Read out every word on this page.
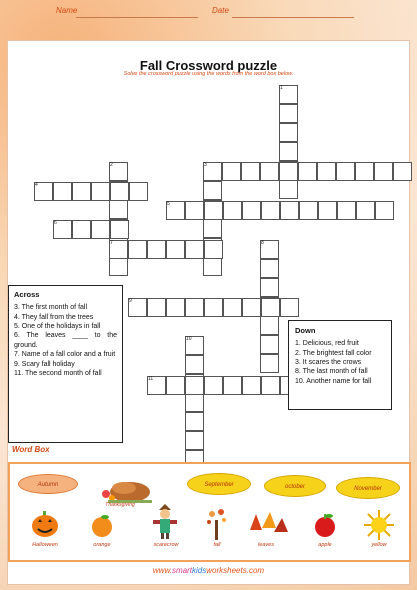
Name	Date
Fall Crossword puzzle
Solve the crossword puzzle using the words from the word box below.
1
2	3
4
5
6
7	8
9
10
11
Across

3. The first month of fall

4. They fall from the trees

5. One of the holidays in fall

6. The leaves ____ to the ground.

7. Name of a fall color and a fruit

9. Scary fall holiday

11. The second month of fall

Down

1. Delicious, red fruit

2. The brightest fall color

3. It scares the crows

8. The last month of fall

10. Another name for fall

Word Box
Autumn
Thanksgiving
September	october	November
Halloween	orange	scarecrow	fall	leaves	apple	yellow
www.smartkidsworksheets.com
